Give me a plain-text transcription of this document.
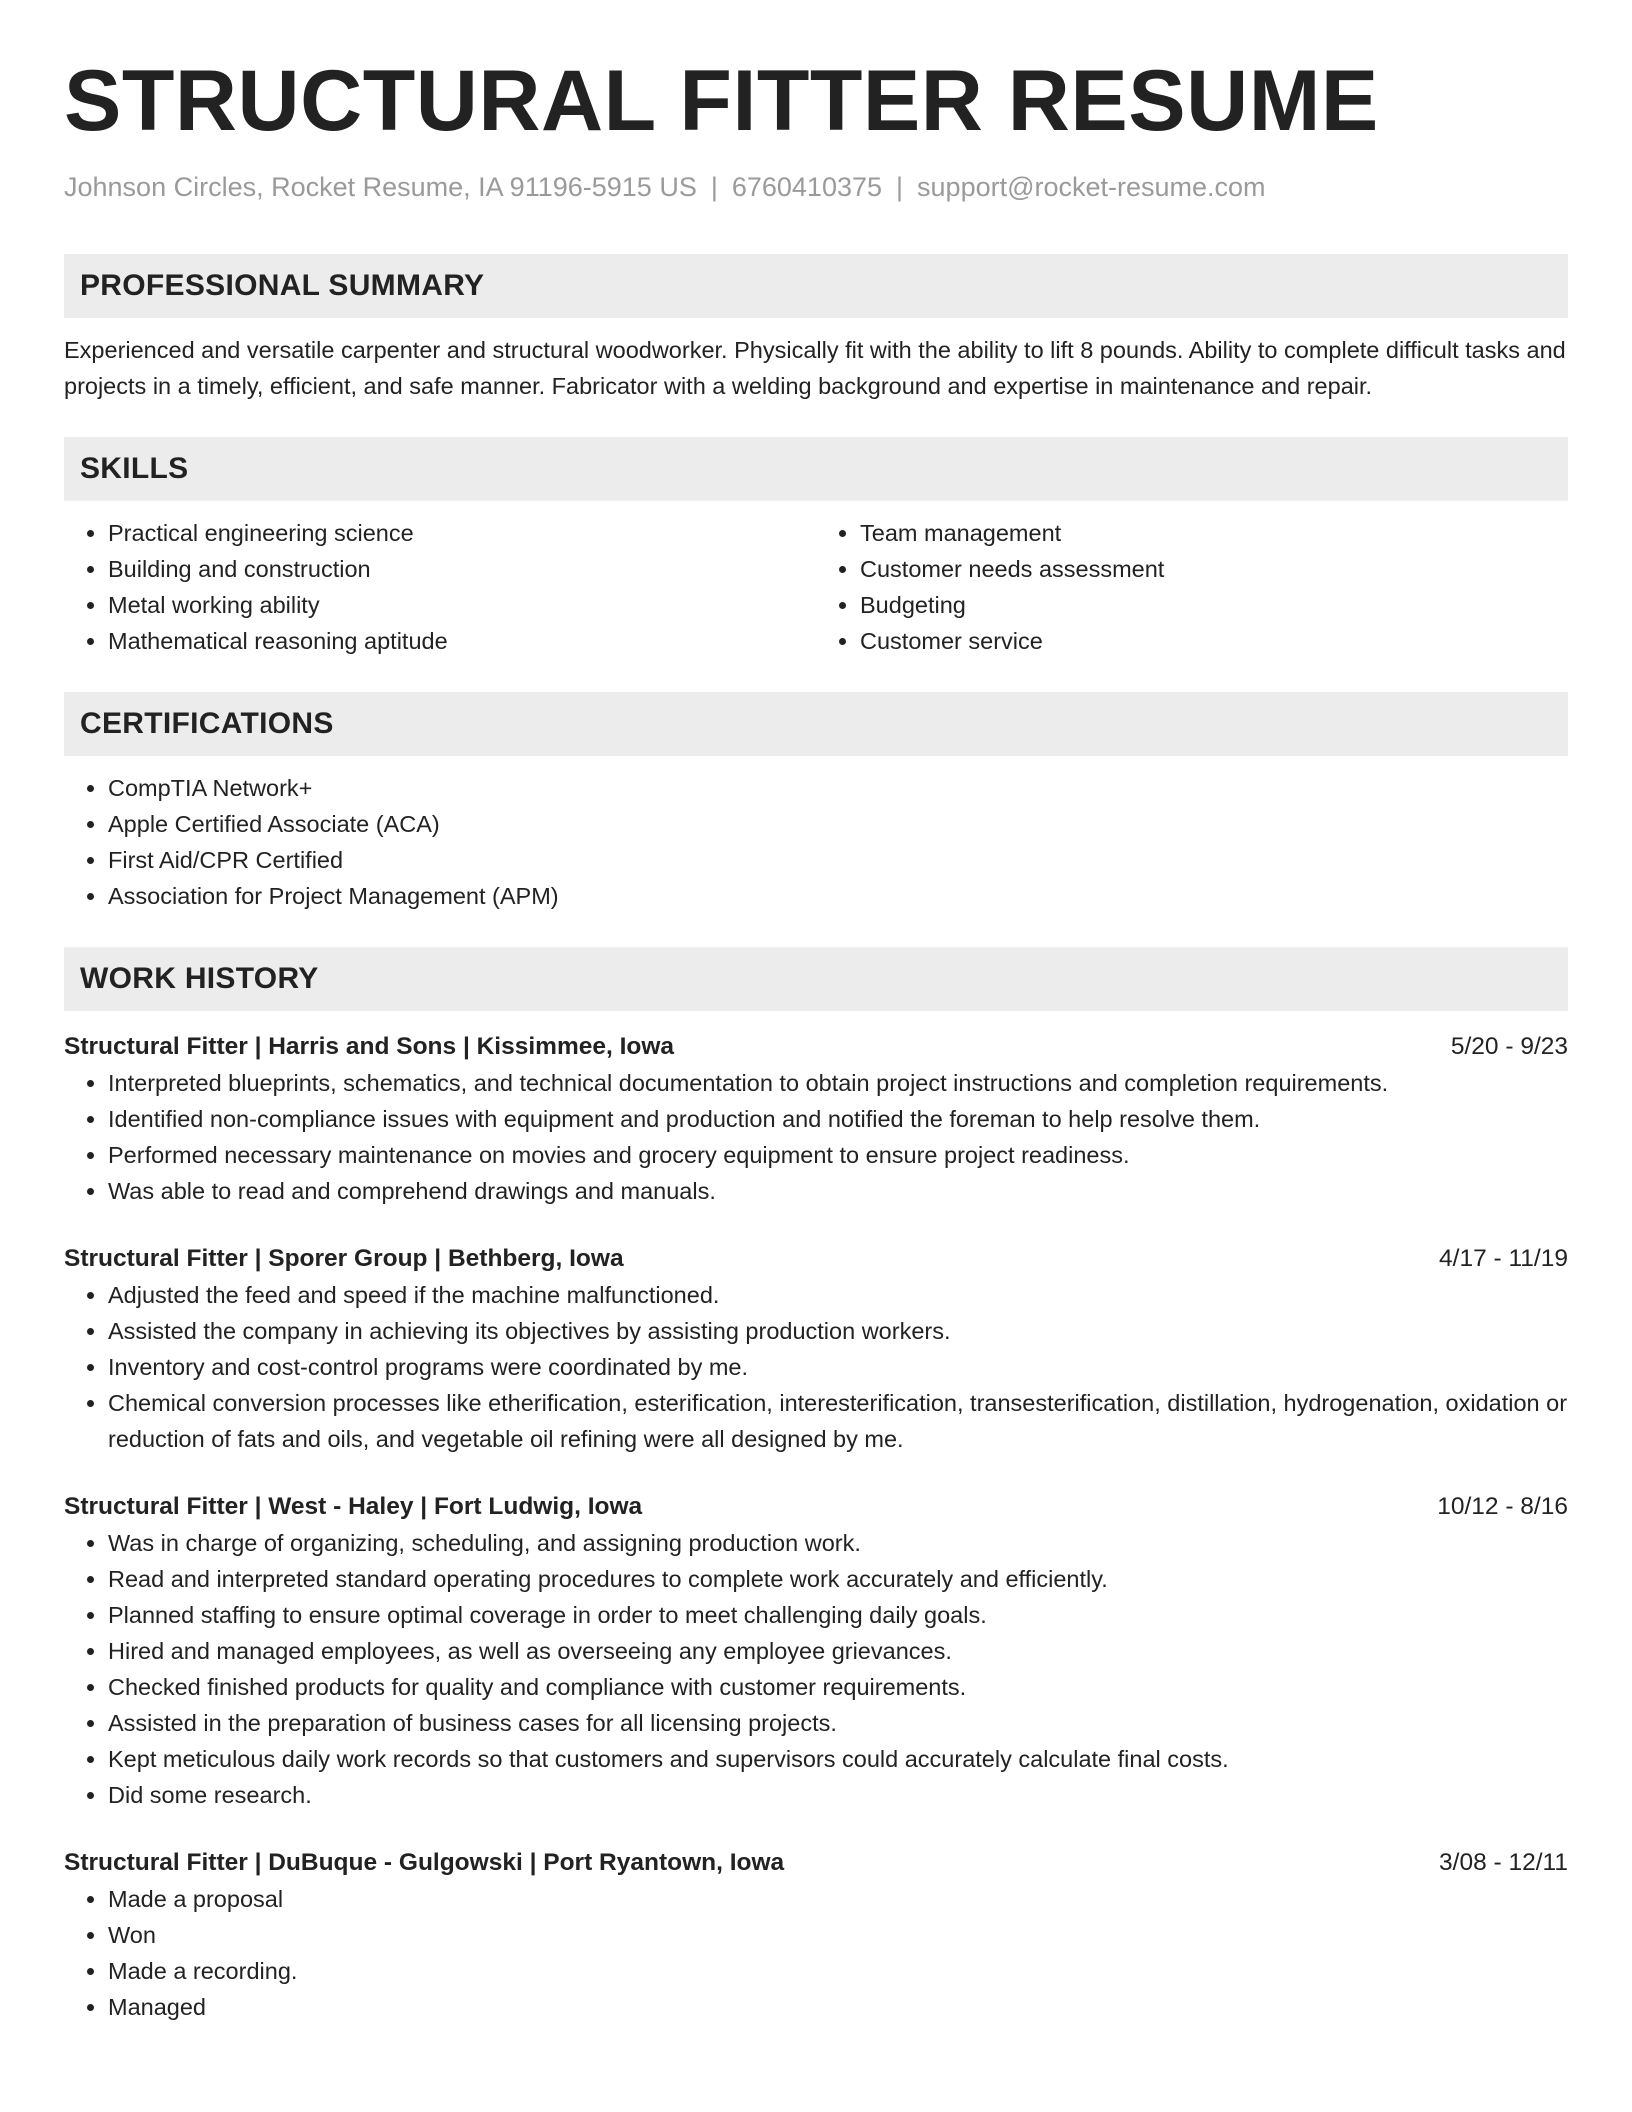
STRUCTURAL FITTER RESUME
Johnson Circles, Rocket Resume, IA 91196-5915 US | 6760410375 | support@rocket-resume.com
PROFESSIONAL SUMMARY

Experienced and versatile carpenter and structural woodworker. Physically fit with the ability to lift 8 pounds. Ability to complete difficult tasks and projects in a timely, efficient, and safe manner. Fabricator with a welding background and expertise in maintenance and repair.

SKILLS
• Practical engineering science
• Building and construction
• Metal working ability
• Mathematical reasoning aptitude
• Team management
• Customer needs assessment
• Budgeting
• Customer service
CERTIFICATIONS
• CompTIA Network+
• Apple Certified Associate (ACA)
• First Aid/CPR Certified
• Association for Project Management (APM)
WORK HISTORY
Structural Fitter | Harris and Sons | Kissimmee, Iowa	5/20 - 9/23
• Interpreted blueprints, schematics, and technical documentation to obtain project instructions and completion requirements.
• Identified non-compliance issues with equipment and production and notified the foreman to help resolve them.
• Performed necessary maintenance on movies and grocery equipment to ensure project readiness.
• Was able to read and comprehend drawings and manuals.
Structural Fitter | Sporer Group | Bethberg, Iowa	4/17 - 11/19
• Adjusted the feed and speed if the machine malfunctioned.
• Assisted the company in achieving its objectives by assisting production workers.
• Inventory and cost-control programs were coordinated by me.
• Chemical conversion processes like etherification, esterification, interesterification, transesterification, distillation, hydrogenation, oxidation or reduction of fats and oils, and vegetable oil refining were all designed by me.
Structural Fitter | West - Haley | Fort Ludwig, Iowa	10/12 - 8/16
• Was in charge of organizing, scheduling, and assigning production work.
• Read and interpreted standard operating procedures to complete work accurately and efficiently.
• Planned staffing to ensure optimal coverage in order to meet challenging daily goals.
• Hired and managed employees, as well as overseeing any employee grievances.
• Checked finished products for quality and compliance with customer requirements.
• Assisted in the preparation of business cases for all licensing projects.
• Kept meticulous daily work records so that customers and supervisors could accurately calculate final costs.
• Did some research.
Structural Fitter | DuBuque - Gulgowski | Port Ryantown, Iowa	3/08 - 12/11
• Made a proposal
• Won
• Made a recording.
• Managed
